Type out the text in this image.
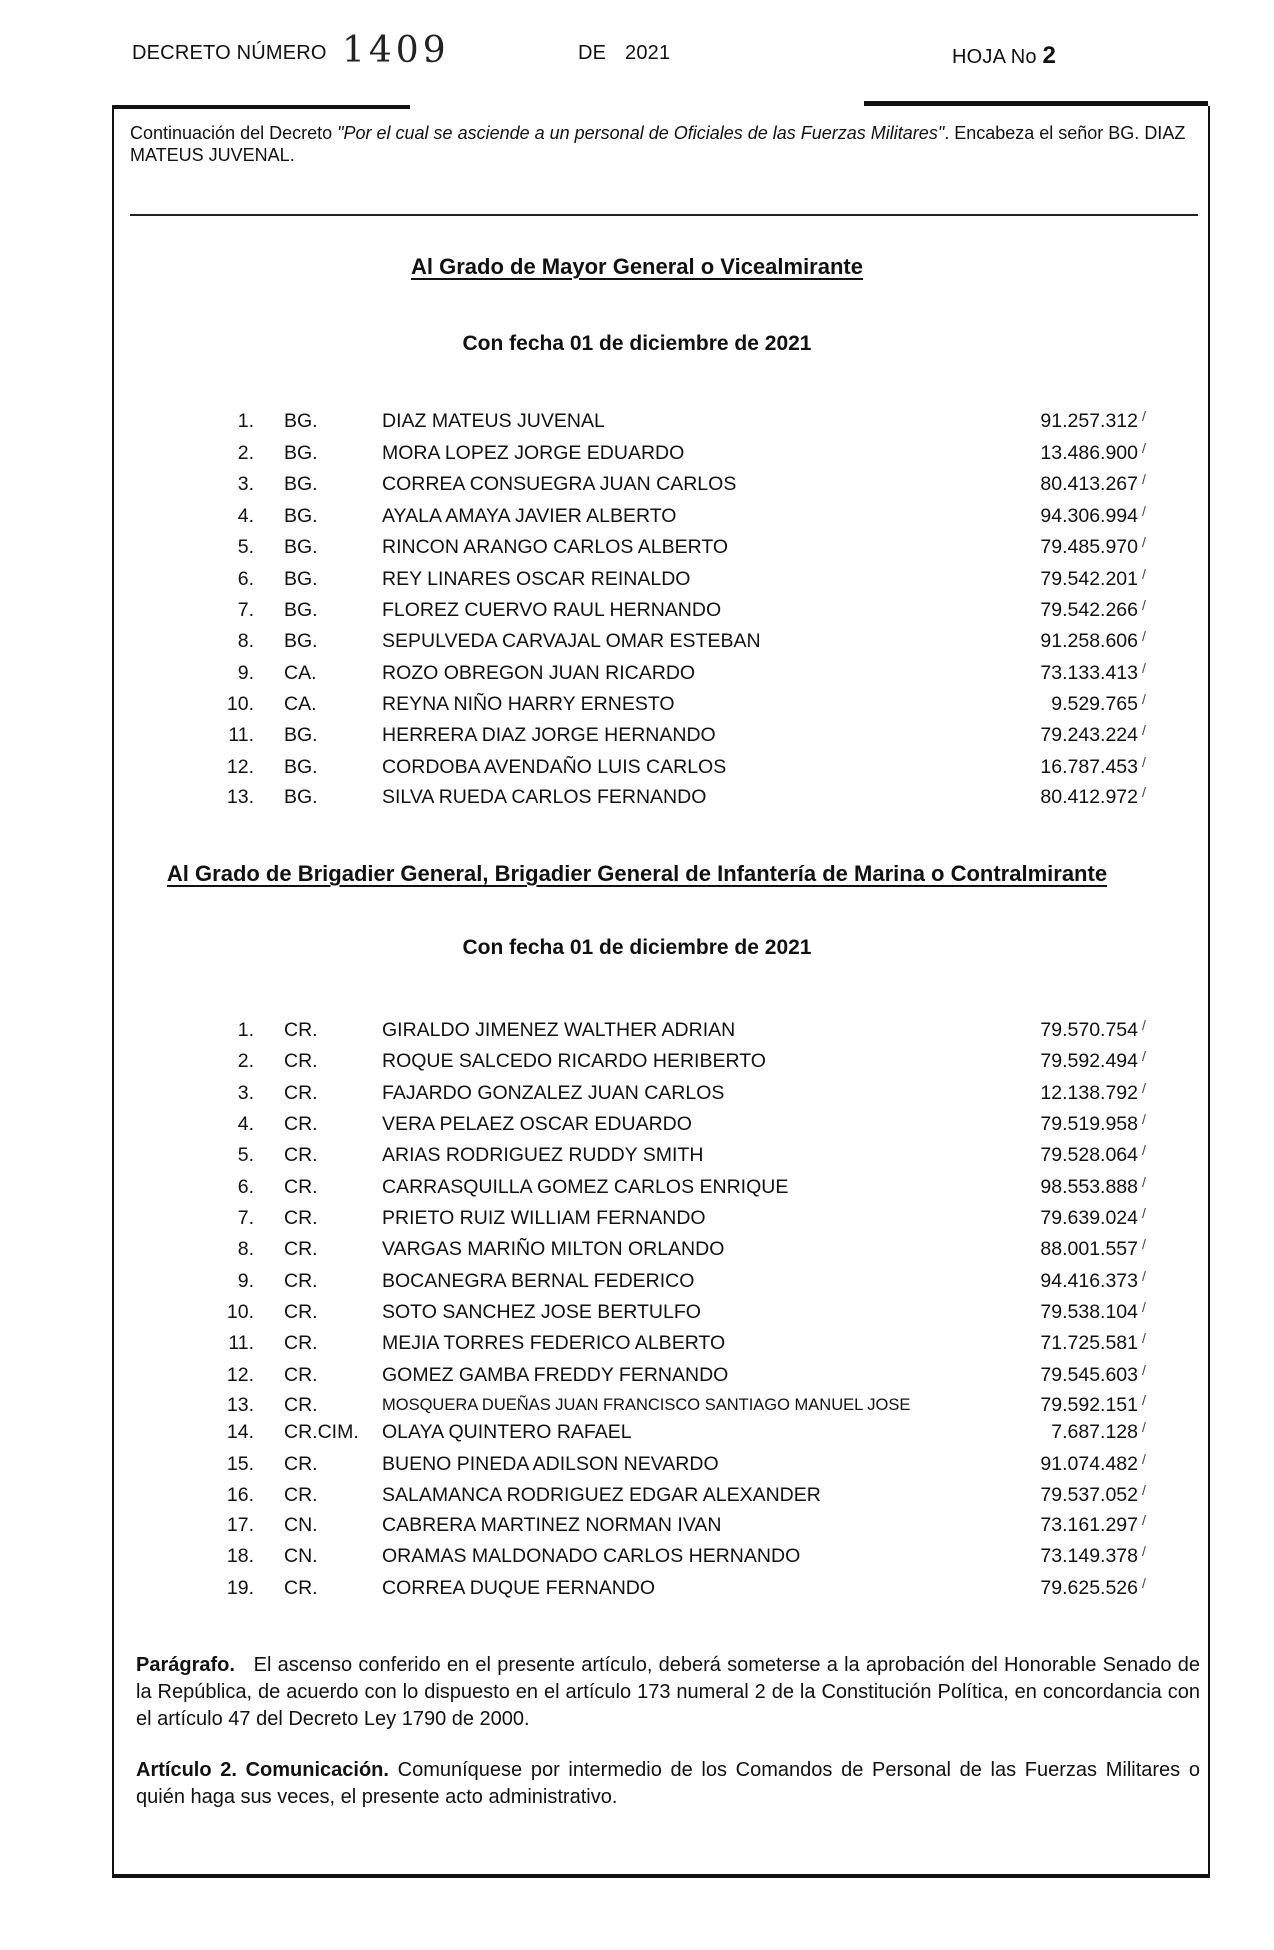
DECRETO NÚMERO 1409	DE 2021	HOJA No 2
Continuación del Decreto "Por el cual se asciende a un personal de Oficiales de las Fuerzas Militares". Encabeza el señor BG. DIAZ MATEUS JUVENAL.
Al Grado de Mayor General o Vicealmirante
Con fecha 01 de diciembre de 2021
1. BG.	DIAZ MATEUS JUVENAL	91.257.312 /
2. BG.	MORA LOPEZ JORGE EDUARDO	13.486.900 /
3. BG.	CORREA CONSUEGRA JUAN CARLOS	80.413.267 /
4. BG.	AYALA AMAYA JAVIER ALBERTO	94.306.994 /
5. BG.	RINCON ARANGO CARLOS ALBERTO	79.485.970 /
6. BG.	REY LINARES OSCAR REINALDO	79.542.201 /
7. BG.	FLOREZ CUERVO RAUL HERNANDO	79.542.266 /
8. BG.	SEPULVEDA CARVAJAL OMAR ESTEBAN	91.258.606 /
9. CA.	ROZO OBREGON JUAN RICARDO	73.133.413 /
10. CA.	REYNA NIÑO HARRY ERNESTO	9.529.765 /
11. BG.	HERRERA DIAZ JORGE HERNANDO	79.243.224 /
12. BG.	CORDOBA AVENDAÑO LUIS CARLOS	16.787.453 /
13. BG.	SILVA RUEDA CARLOS FERNANDO	80.412.972 /
Al Grado de Brigadier General, Brigadier General de Infantería de Marina o Contralmirante
Con fecha 01 de diciembre de 2021
1. CR.	GIRALDO JIMENEZ WALTHER ADRIAN	79.570.754 /
2. CR.	ROQUE SALCEDO RICARDO HERIBERTO	79.592.494 /
3. CR.	FAJARDO GONZALEZ JUAN CARLOS	12.138.792 /
4. CR.	VERA PELAEZ OSCAR EDUARDO	79.519.958 /
5. CR.	ARIAS RODRIGUEZ RUDDY SMITH	79.528.064 /
6. CR.	CARRASQUILLA GOMEZ CARLOS ENRIQUE	98.553.888 /
7. CR.	PRIETO RUIZ WILLIAM FERNANDO	79.639.024 /
8. CR.	VARGAS MARIÑO MILTON ORLANDO	88.001.557 /
9. CR.	BOCANEGRA BERNAL FEDERICO	94.416.373 /
10. CR.	SOTO SANCHEZ JOSE BERTULFO	79.538.104 /
11. CR.	MEJIA TORRES FEDERICO ALBERTO	71.725.581 /
12. CR.	GOMEZ GAMBA FREDDY FERNANDO	79.545.603 /
13. CR.	MOSQUERA DUEÑAS JUAN FRANCISCO SANTIAGO MANUEL JOSE	79.592.151 /
14. CR.CIM. OLAYA QUINTERO RAFAEL	7.687.128 /
15. CR.	BUENO PINEDA ADILSON NEVARDO	91.074.482 /
16. CR.	SALAMANCA RODRIGUEZ EDGAR ALEXANDER	79.537.052 /
17. CN.	CABRERA MARTINEZ NORMAN IVAN	73.161.297 /
18. CN.	ORAMAS MALDONADO CARLOS HERNANDO	73.149.378 /
19. CR.	CORREA DUQUE FERNANDO	79.625.526 /
Parágrafo. El ascenso conferido en el presente artículo, deberá someterse a la aprobación del Honorable Senado de la República, de acuerdo con lo dispuesto en el artículo 173 numeral 2 de la Constitución Política, en concordancia con el artículo 47 del Decreto Ley 1790 de 2000.
Artículo 2. Comunicación. Comuníquese por intermedio de los Comandos de Personal de las Fuerzas Militares o quién haga sus veces, el presente acto administrativo.
